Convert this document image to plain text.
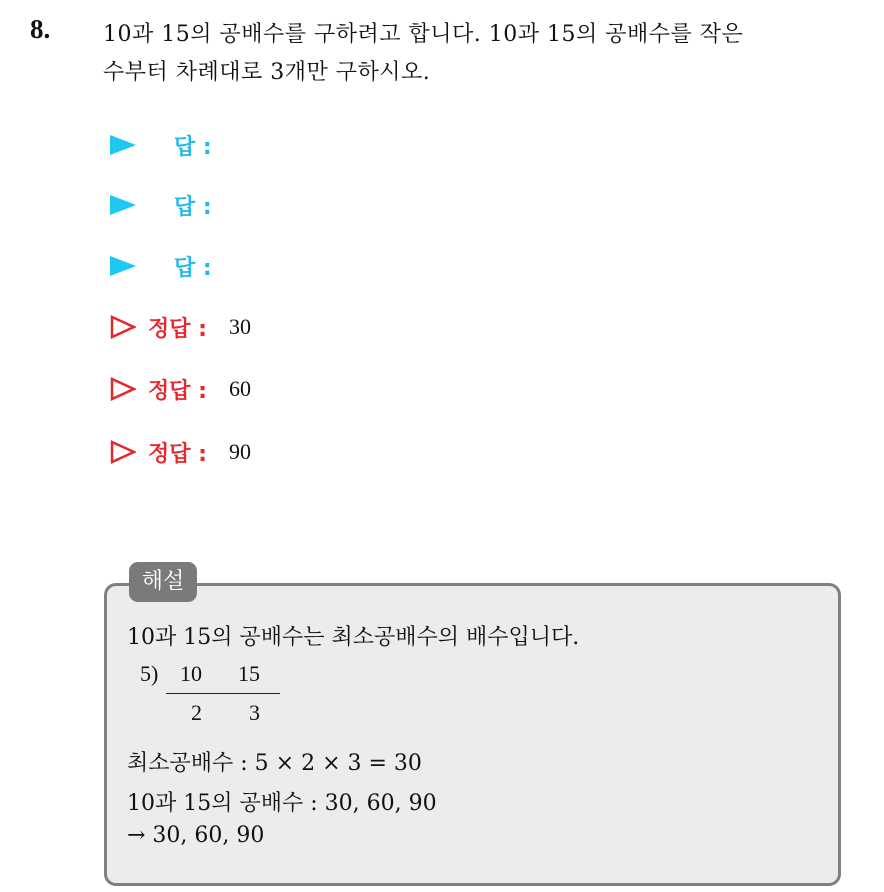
8. 10과 15의 공배수를 구하려고 합니다. 10과 15의 공배수를 작은
수부터 차례대로 3개만 구하시오.
답 :
답 :
답 :
정답 : 30
정답 : 60
정답 : 90
해설
10과 15의 공배수는 최소공배수의 배수입니다.
5) 10 15
2 3
최소공배수 : 5 × 2 × 3 = 30
10과 15의 공배수 : 30, 60, 90
→ 30, 60, 90
